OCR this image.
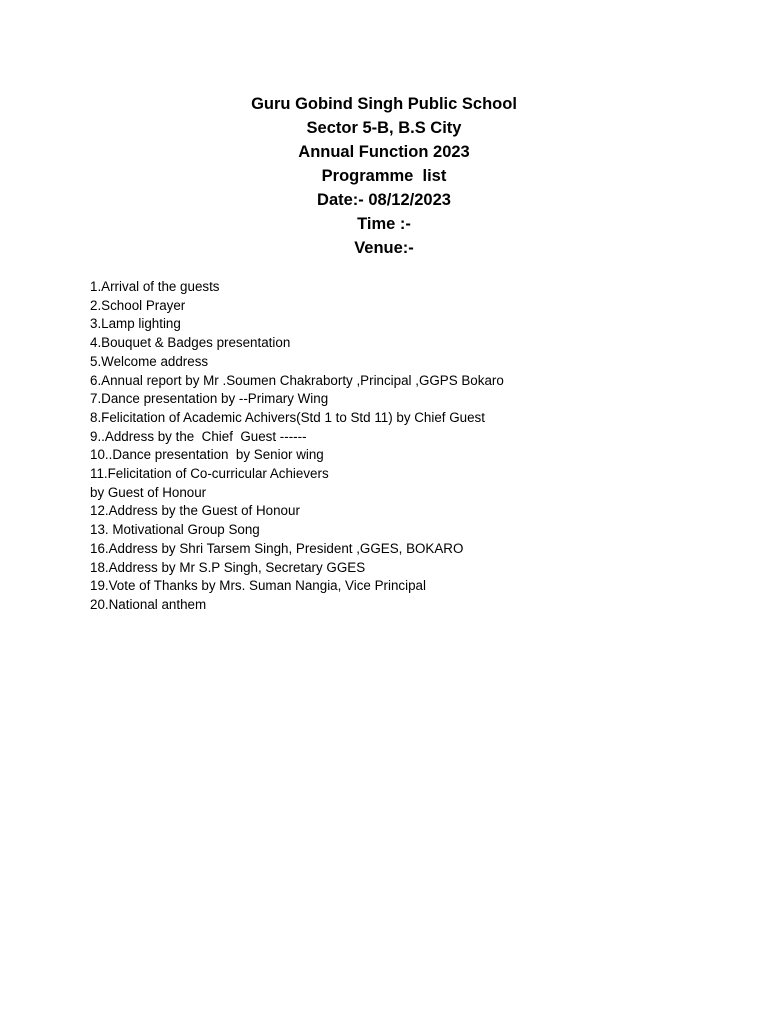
Guru Gobind Singh Public School
Sector 5-B, B.S City
Annual Function 2023
Programme  list
Date:- 08/12/2023
Time :-
Venue:-
1.Arrival of the guests
2.School Prayer
3.Lamp lighting
4.Bouquet & Badges presentation
5.Welcome address
6.Annual report by Mr .Soumen Chakraborty ,Principal ,GGPS Bokaro
7.Dance presentation by --Primary Wing
8.Felicitation of Academic Achivers(Std 1 to Std 11) by Chief Guest
9..Address by the  Chief  Guest ------
10..Dance presentation  by Senior wing
11.Felicitation of Co-curricular Achievers
by Guest of Honour
12.Address by the Guest of Honour
13. Motivational Group Song
16.Address by Shri Tarsem Singh, President ,GGES, BOKARO
18.Address by Mr S.P Singh, Secretary GGES
19.Vote of Thanks by Mrs. Suman Nangia, Vice Principal
20.National anthem
